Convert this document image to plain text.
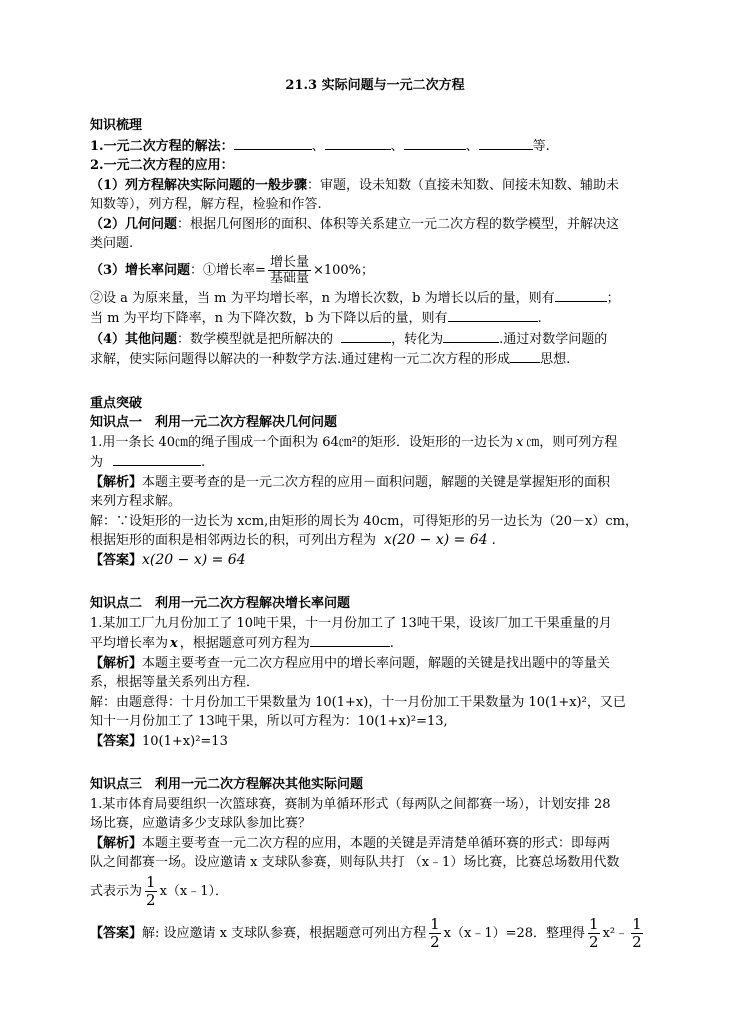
21.3 实际问题与一元二次方程
知识梳理
1.一元二次方程的解法：	、	、	、	等.
2.一元二次方程的应用：
（1）列方程解决实际问题的一般步骤：审题，设未知数（直接未知数、间接未知数、辅助未
知数等），列方程，解方程，检验和作答.
（2）几何问题：根据几何图形的面积、体积等关系建立一元二次方程的数学模型，并解决这
类问题.
（3）增长率问题：①增长率= $\frac{\text{增长量}}{\text{基础量}} \times 100\%$；
②设 a 为原来量，当 m 为平均增长率，n 为增长次数，b 为增长以后的量，则有	；
当 m 为平均下降率，n 为下降次数，b 为下降以后的量，则有	.
（4）其他问题：数学模型就是把所解决的	，转化为	.通过对数学问题的
求解，使实际问题得以解决的一种数学方法.通过建构一元二次方程的形成 思想.
重点突破
知识点一　利用一元二次方程解决几何问题
1.用一条长 40㎝的绳子围成一个面积为 64㎝²的矩形．设矩形的一边长为 x ㎝，则可列方程
为	.
【解析】本题主要考查的是一元二次方程的应用－面积问题，解题的关键是掌握矩形的面积
来列方程求解。
解：∵设矩形的一边长为 xcm,由矩形的周长为 40cm，可得矩形的另一边长为（20－x）cm，
根据矩形的面积是相邻两边长的积，可列出方程为 x(20 − x) = 64 .
【答案】x(20 − x) = 64
知识点二　利用一元二次方程解决增长率问题
1.某加工厂九月份加工了 10吨干果，十一月份加工了 13吨干果，设该厂加工干果重量的月
平均增长率为 x ，根据题意可列方程为	.
【解析】本题主要考查一元二次方程应用中的增长率问题，解题的关键是找出题中的等量关
系，根据等量关系列出方程．
解：由题意得：十月份加工干果数量为 10(1+x)，十一月份加工干果数量为 10(1+x)²，又已
知十一月份加工了 13吨干果，所以可方程为：10(1+x)²=13,
【答案】10(1+x)²=13
知识点三　利用一元二次方程解决其他实际问题
1.某市体育局要组织一次篮球赛，赛制为单循环形式（每两队之间都赛一场），计划安排 28
场比赛，应邀请多少支球队参加比赛？
【解析】本题主要考查一元二次方程的应用，本题的关键是弄清楚单循环赛的形式：即每两
队之间都赛一场。设应邀请 x 支球队参赛，则每队共打 （x﹣1）场比赛，比赛总场数用代数
式表示为 $\frac{1}{2}$ x（x﹣1）．
【答案】解: 设应邀请 x 支球队参赛，根据题意可列出方程 $\frac{1}{2}$ x（x﹣1）=28．整理得 $\frac{1}{2}$ x²﹣ $\frac{1}{2}$
